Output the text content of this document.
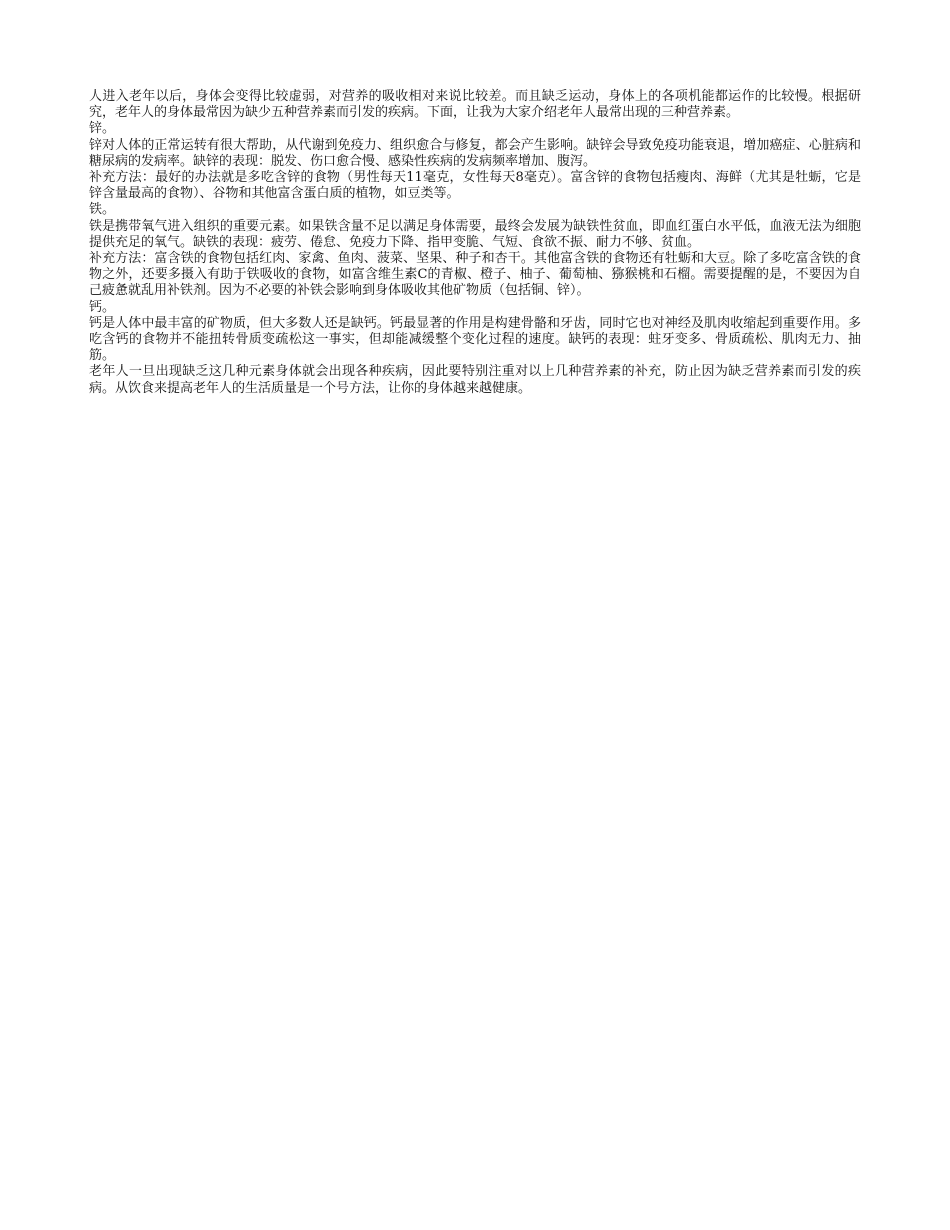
人进入老年以后，身体会变得比较虚弱，对营养的吸收相对来说比较差。而且缺乏运动，身体上的各项机能都运作的比较慢。根据研究，老年人的身体最常因为缺少五种营养素而引发的疾病。下面，让我为大家介绍老年人最常出现的三种营养素。

锌。

锌对人体的正常运转有很大帮助，从代谢到免疫力、组织愈合与修复，都会产生影响。缺锌会导致免疫功能衰退，增加癌症、心脏病和糖尿病的发病率。缺锌的表现：脱发、伤口愈合慢、感染性疾病的发病频率增加、腹泻。

补充方法：最好的办法就是多吃含锌的食物（男性每天11毫克，女性每天8毫克）。富含锌的食物包括瘦肉、海鲜（尤其是牡蛎，它是锌含量最高的食物）、谷物和其他富含蛋白质的植物，如豆类等。

铁。

铁是携带氧气进入组织的重要元素。如果铁含量不足以满足身体需要，最终会发展为缺铁性贫血，即血红蛋白水平低，血液无法为细胞提供充足的氧气。缺铁的表现：疲劳、倦怠、免疫力下降、指甲变脆、气短、食欲不振、耐力不够、贫血。

补充方法：富含铁的食物包括红肉、家禽、鱼肉、菠菜、坚果、种子和杏干。其他富含铁的食物还有牡蛎和大豆。除了多吃富含铁的食物之外，还要多摄入有助于铁吸收的食物，如富含维生素C的青椒、橙子、柚子、葡萄柚、猕猴桃和石榴。需要提醒的是，不要因为自己疲惫就乱用补铁剂。因为不必要的补铁会影响到身体吸收其他矿物质（包括铜、锌）。

钙。

钙是人体中最丰富的矿物质，但大多数人还是缺钙。钙最显著的作用是构建骨骼和牙齿，同时它也对神经及肌肉收缩起到重要作用。多吃含钙的食物并不能扭转骨质变疏松这一事实，但却能减缓整个变化过程的速度。缺钙的表现：蛀牙变多、骨质疏松、肌肉无力、抽筋。

老年人一旦出现缺乏这几种元素身体就会出现各种疾病，因此要特别注重对以上几种营养素的补充，防止因为缺乏营养素而引发的疾病。从饮食来提高老年人的生活质量是一个号方法，让你的身体越来越健康。
